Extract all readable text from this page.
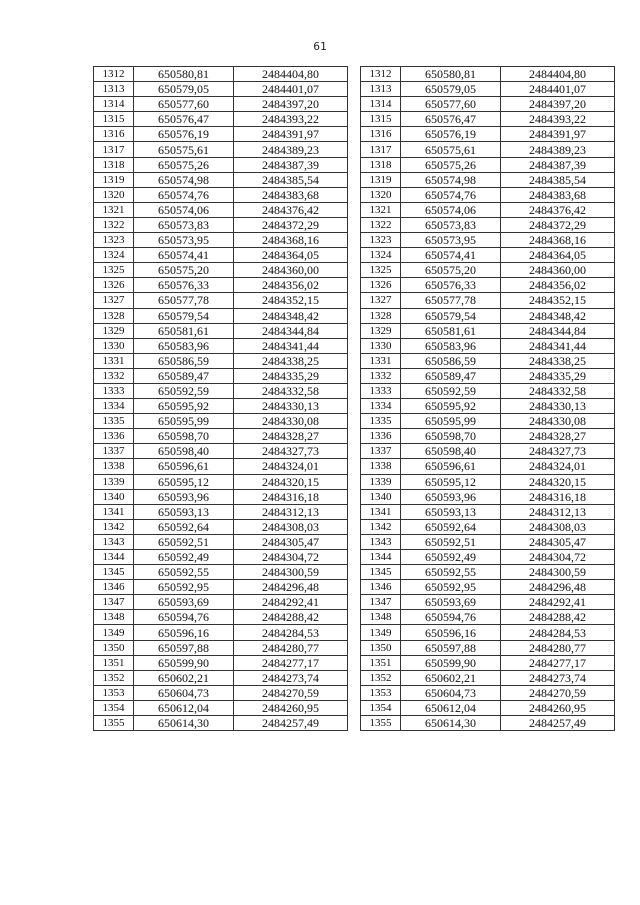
61
1312	650580,81	2484404,80
1313	650579,05	2484401,07
1314	650577,60	2484397,20
1315	650576,47	2484393,22
1316	650576,19	2484391,97
1317	650575,61	2484389,23
1318	650575,26	2484387,39
1319	650574,98	2484385,54
1320	650574,76	2484383,68
1321	650574,06	2484376,42
1322	650573,83	2484372,29
1323	650573,95	2484368,16
1324	650574,41	2484364,05
1325	650575,20	2484360,00
1326	650576,33	2484356,02
1327	650577,78	2484352,15
1328	650579,54	2484348,42
1329	650581,61	2484344,84
1330	650583,96	2484341,44
1331	650586,59	2484338,25
1332	650589,47	2484335,29
1333	650592,59	2484332,58
1334	650595,92	2484330,13
1335	650595,99	2484330,08
1336	650598,70	2484328,27
1337	650598,40	2484327,73
1338	650596,61	2484324,01
1339	650595,12	2484320,15
1340	650593,96	2484316,18
1341	650593,13	2484312,13
1342	650592,64	2484308,03
1343	650592,51	2484305,47
1344	650592,49	2484304,72
1345	650592,55	2484300,59
1346	650592,95	2484296,48
1347	650593,69	2484292,41
1348	650594,76	2484288,42
1349	650596,16	2484284,53
1350	650597,88	2484280,77
1351	650599,90	2484277,17
1352	650602,21	2484273,74
1353	650604,73	2484270,59
1354	650612,04	2484260,95
1355	650614,30	2484257,49
1312	650580,81	2484404,80
1313	650579,05	2484401,07
1314	650577,60	2484397,20
1315	650576,47	2484393,22
1316	650576,19	2484391,97
1317	650575,61	2484389,23
1318	650575,26	2484387,39
1319	650574,98	2484385,54
1320	650574,76	2484383,68
1321	650574,06	2484376,42
1322	650573,83	2484372,29
1323	650573,95	2484368,16
1324	650574,41	2484364,05
1325	650575,20	2484360,00
1326	650576,33	2484356,02
1327	650577,78	2484352,15
1328	650579,54	2484348,42
1329	650581,61	2484344,84
1330	650583,96	2484341,44
1331	650586,59	2484338,25
1332	650589,47	2484335,29
1333	650592,59	2484332,58
1334	650595,92	2484330,13
1335	650595,99	2484330,08
1336	650598,70	2484328,27
1337	650598,40	2484327,73
1338	650596,61	2484324,01
1339	650595,12	2484320,15
1340	650593,96	2484316,18
1341	650593,13	2484312,13
1342	650592,64	2484308,03
1343	650592,51	2484305,47
1344	650592,49	2484304,72
1345	650592,55	2484300,59
1346	650592,95	2484296,48
1347	650593,69	2484292,41
1348	650594,76	2484288,42
1349	650596,16	2484284,53
1350	650597,88	2484280,77
1351	650599,90	2484277,17
1352	650602,21	2484273,74
1353	650604,73	2484270,59
1354	650612,04	2484260,95
1355	650614,30	2484257,49
